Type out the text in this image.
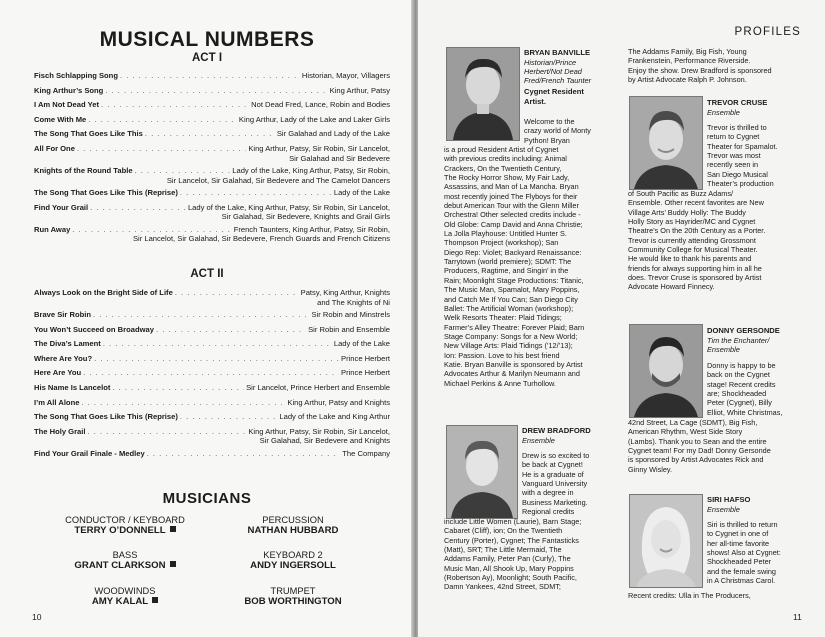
MUSICAL NUMBERS
ACT I
Fisch Schlapping Song . . .	Historian, Mayor, Villagers
King Arthur’s Song . . .	King Arthur, Patsy
I Am Not Dead Yet . . .	Not Dead Fred, Lance, Robin and Bodies
Come With Me . . .	King Arthur, Lady of the Lake and Laker Girls
The Song That Goes Like This . . .	Sir Galahad and Lady of the Lake
All For One . . .	King Arthur, Patsy, Sir Robin, Sir Lancelot,
Sir Galahad and Sir Bedevere
Knights of the Round Table . . .	Lady of the Lake, King Arthur, Patsy, Sir Robin,
Sir Lancelot, Sir Galahad, Sir Bedevere and The Camelot Dancers
The Song That Goes Like This (Reprise) . . .	Lady of the Lake
Find Your Grail . . .	Lady of the Lake, King Arthur, Patsy, Sir Robin, Sir Lancelot,
Sir Galahad, Sir Bedevere, Knights and Grail Girls
Run Away . . .	French Taunters, King Arthur, Patsy, Sir Robin,
Sir Lancelot, Sir Galahad, Sir Bedevere, French Guards and French Citizens
ACT II
Always Look on the Bright Side of Life . . .	Patsy, King Arthur, Knights
and The Knights of Ni
Brave Sir Robin . . .	Sir Robin and Minstrels
You Won’t Succeed on Broadway . . .	Sir Robin and Ensemble
The Diva’s Lament . . .	Lady of the Lake
Where Are You? . . .	Prince Herbert
Here Are You . . .	Prince Herbert
His Name Is Lancelot . . .	Sir Lancelot, Prince Herbert and Ensemble
I’m All Alone . . .	King Arthur, Patsy and Knights
The Song That Goes Like This (Reprise) . . .	Lady of the Lake and King Arthur
The Holy Grail . . .	King Arthur, Patsy, Sir Robin, Sir Lancelot,
Sir Galahad, Sir Bedevere and Knights
Find Your Grail Finale - Medley . . .	The Company
MUSICIANS
CONDUCTOR / KEYBOARD
TERRY O’DONNELL
PERCUSSION
NATHAN HUBBARD
BASS
GRANT CLARKSON
KEYBOARD 2
ANDY INGERSOLL
WOODWINDS
AMY KALAL
TRUMPET
BOB WORTHINGTON
10
PROFILES
BRYAN BANVILLE
Historian/Prince
Herbert/Not Dead
Fred/French Taunter
Cygnet Resident
Artist.
Welcome to the
crazy world of Monty
Python! Bryan
is a proud Resident Artist of Cygnet
with previous credits including: Animal
Crackers, On the Twentieth Century,
The Rocky Horror Show, My Fair Lady,
Assassins, and Man of La Mancha. Bryan
most recently joined The Flyboys for their
debut American Tour with the Glenn Miller
Orchestra! Other selected credits include -
Old Globe: Camp David and Anna Christie;
La Jolla Playhouse: Untitled Hunter S.
Thompson Project (workshop); San
Diego Rep: Violet; Backyard Renaissance:
Tarrytown (world premiere); SDMT: The
Producers, Ragtime, and Singin’ in the
Rain; Moonlight Stage Productions: Titanic,
The Music Man, Spamalot, Mary Poppins,
and Catch Me If You Can; San Diego City
Ballet: The Artificial Woman (workshop);
Welk Resorts Theater: Plaid Tidings;
Farmer’s Alley Theatre: Forever Plaid; Barn
Stage Company: Songs for a New World;
New Village Arts: Plaid Tidings (’12/’13);
Ion: Passion. Love to his best friend
Katie. Bryan Banville is sponsored by Artist
Advocates Arthur & Marilyn Neumann and
Michael Perkins & Anne Turhollow.
DREW BRADFORD
Ensemble
Drew is so excited to
be back at Cygnet!
He is a graduate of
Vanguard University
with a degree in
Business Marketing.
Regional credits
include Little Women (Laurie), Barn Stage;
Cabaret (Cliff), ion; On the Twentieth
Century (Porter), Cygnet; The Fantasticks
(Matt), SRT; The Little Mermaid, The
Addams Family, Peter Pan (Curly), The
Music Man, All Shook Up, Mary Poppins
(Robertson Ay), Moonlight; South Pacific,
Damn Yankees, 42nd Street, SDMT;
The Addams Family, Big Fish, Young
Frankenstein, Performance Riverside.
Enjoy the show. Drew Bradford is sponsored
by Artist Advocate Ralph P. Johnson.
TREVOR CRUSE
Ensemble
Trevor is thrilled to
return to Cygnet
Theater for Spamalot.
Trevor was most
recently seen in
San Diego Musical
Theater’s production
of South Pacific as Buzz Adams/
Ensemble. Other recent favorites are New
Village Arts’ Buddy Holly: The Buddy
Holly Story as Hayrider/MC and Cygnet
Theatre’s On the 20th Century as a Porter.
Trevor is currently attending Grossmont
Community College for Musical Theater.
He would like to thank his parents and
friends for always supporting him in all he
does. Trevor Cruse is sponsored by Artist
Advocate Howard Finnecy.
DONNY GERSONDE
Tim the Enchanter/
Ensemble
Donny is happy to be
back on the Cygnet
stage! Recent credits
are; Shockheaded
Peter (Cygnet), Billy
Elliot, White Christmas,
42nd Street, La Cage (SDMT), Big Fish,
American Rhythm, West Side Story
(Lambs). Thank you to Sean and the entire
Cygnet team! For my Dad! Donny Gersonde
is sponsored by Artist Advocates Rick and
Ginny Wisley.
SIRI HAFSO
Ensemble
Siri is thrilled to return
to Cygnet in one of
her all-time favorite
shows! Also at Cygnet:
Shockheaded Peter
and the female swing
in A Christmas Carol.
Recent credits: Ulla in The Producers,
11
